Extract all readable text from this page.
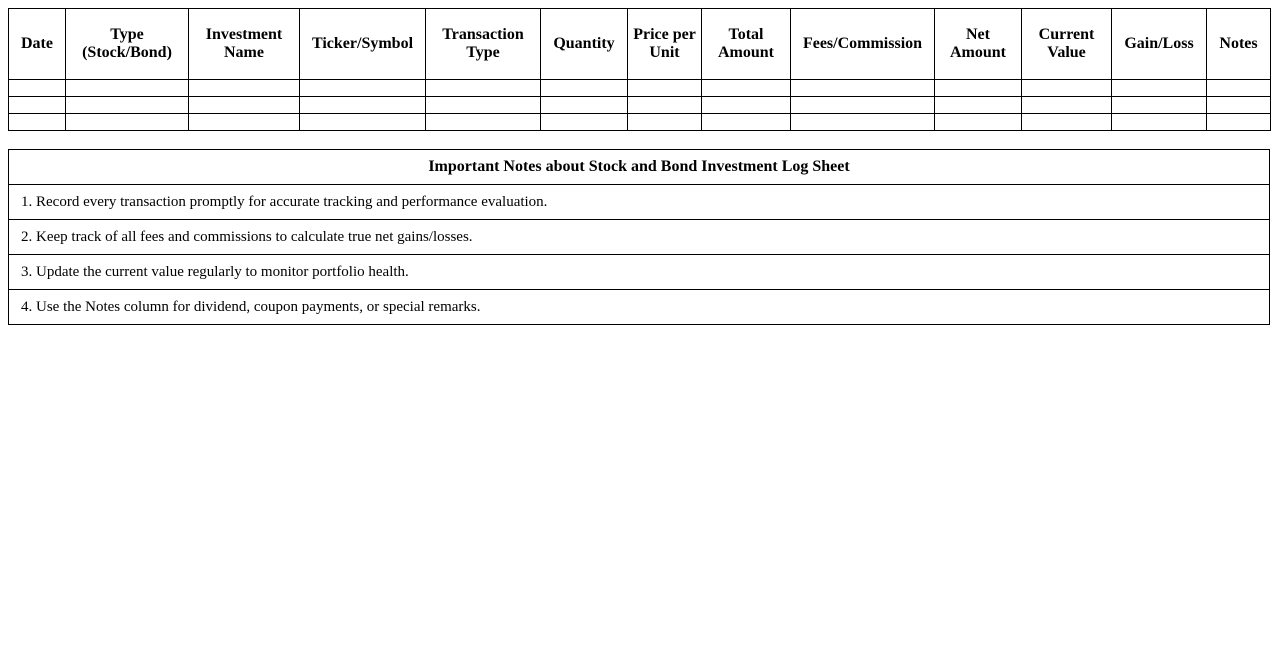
Date	Type (Stock/Bond)	Investment Name	Ticker/Symbol	Transaction Type	Quantity	Price per Unit	Total Amount	Fees/Commission	Net Amount	Current Value	Gain/Loss	Notes

Important Notes about Stock and Bond Investment Log Sheet
1. Record every transaction promptly for accurate tracking and performance evaluation.
2. Keep track of all fees and commissions to calculate true net gains/losses.
3. Update the current value regularly to monitor portfolio health.
4. Use the Notes column for dividend, coupon payments, or special remarks.
